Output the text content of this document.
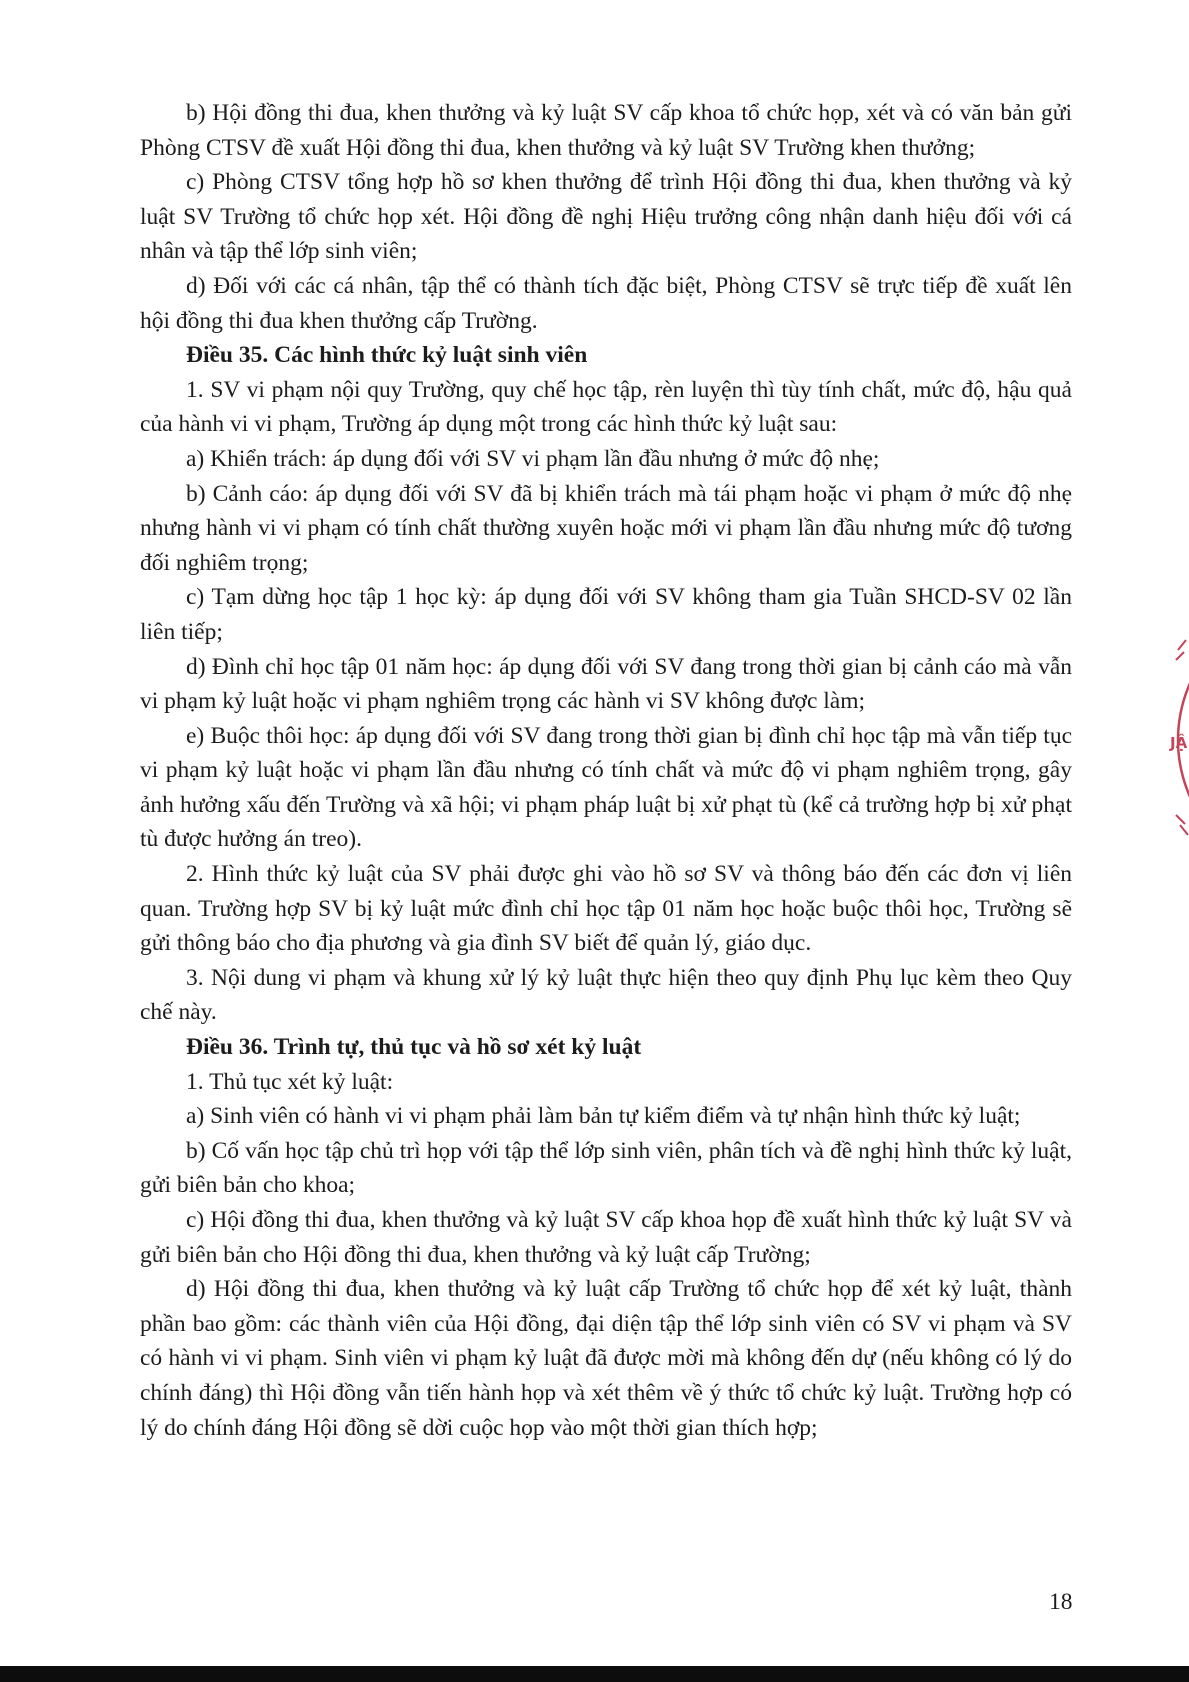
b) Hội đồng thi đua, khen thưởng và kỷ luật SV cấp khoa tổ chức họp, xét và có văn bản gửi Phòng CTSV đề xuất Hội đồng thi đua, khen thưởng và kỷ luật SV Trường khen thưởng;

c) Phòng CTSV tổng hợp hồ sơ khen thưởng để trình Hội đồng thi đua, khen thưởng và kỷ luật SV Trường tổ chức họp xét. Hội đồng đề nghị Hiệu trưởng công nhận danh hiệu đối với cá nhân và tập thể lớp sinh viên;

d) Đối với các cá nhân, tập thể có thành tích đặc biệt, Phòng CTSV sẽ trực tiếp đề xuất lên hội đồng thi đua khen thưởng cấp Trường.

Điều 35. Các hình thức kỷ luật sinh viên

1. SV vi phạm nội quy Trường, quy chế học tập, rèn luyện thì tùy tính chất, mức độ, hậu quả của hành vi vi phạm, Trường áp dụng một trong các hình thức kỷ luật sau:

a) Khiển trách: áp dụng đối với SV vi phạm lần đầu nhưng ở mức độ nhẹ;

b) Cảnh cáo: áp dụng đối với SV đã bị khiển trách mà tái phạm hoặc vi phạm ở mức độ nhẹ nhưng hành vi vi phạm có tính chất thường xuyên hoặc mới vi phạm lần đầu nhưng mức độ tương đối nghiêm trọng;

c) Tạm dừng học tập 1 học kỳ: áp dụng đối với SV không tham gia Tuần SHCD-SV 02 lần liên tiếp;

d) Đình chỉ học tập 01 năm học: áp dụng đối với SV đang trong thời gian bị cảnh cáo mà vẫn vi phạm kỷ luật hoặc vi phạm nghiêm trọng các hành vi SV không được làm;

e) Buộc thôi học: áp dụng đối với SV đang trong thời gian bị đình chỉ học tập mà vẫn tiếp tục vi phạm kỷ luật hoặc vi phạm lần đầu nhưng có tính chất và mức độ vi phạm nghiêm trọng, gây ảnh hưởng xấu đến Trường và xã hội; vi phạm pháp luật bị xử phạt tù (kể cả trường hợp bị xử phạt tù được hưởng án treo).

2. Hình thức kỷ luật của SV phải được ghi vào hồ sơ SV và thông báo đến các đơn vị liên quan. Trường hợp SV bị kỷ luật mức đình chỉ học tập 01 năm học hoặc buộc thôi học, Trường sẽ gửi thông báo cho địa phương và gia đình SV biết để quản lý, giáo dục.

3. Nội dung vi phạm và khung xử lý kỷ luật thực hiện theo quy định Phụ lục kèm theo Quy chế này.

Điều 36. Trình tự, thủ tục và hồ sơ xét kỷ luật

1. Thủ tục xét kỷ luật:

a) Sinh viên có hành vi vi phạm phải làm bản tự kiểm điểm và tự nhận hình thức kỷ luật;

b) Cố vấn học tập chủ trì họp với tập thể lớp sinh viên, phân tích và đề nghị hình thức kỷ luật, gửi biên bản cho khoa;

c) Hội đồng thi đua, khen thưởng và kỷ luật SV cấp khoa họp đề xuất hình thức kỷ luật SV và gửi biên bản cho Hội đồng thi đua, khen thưởng và kỷ luật cấp Trường;

d) Hội đồng thi đua, khen thưởng và kỷ luật cấp Trường tổ chức họp để xét kỷ luật, thành phần bao gồm: các thành viên của Hội đồng, đại diện tập thể lớp sinh viên có SV vi phạm và SV có hành vi vi phạm. Sinh viên vi phạm kỷ luật đã được mời mà không đến dự (nếu không có lý do chính đáng) thì Hội đồng vẫn tiến hành họp và xét thêm về ý thức tổ chức kỷ luật. Trường hợp có lý do chính đáng Hội đồng sẽ dời cuộc họp vào một thời gian thích hợp;

18
JẬ
